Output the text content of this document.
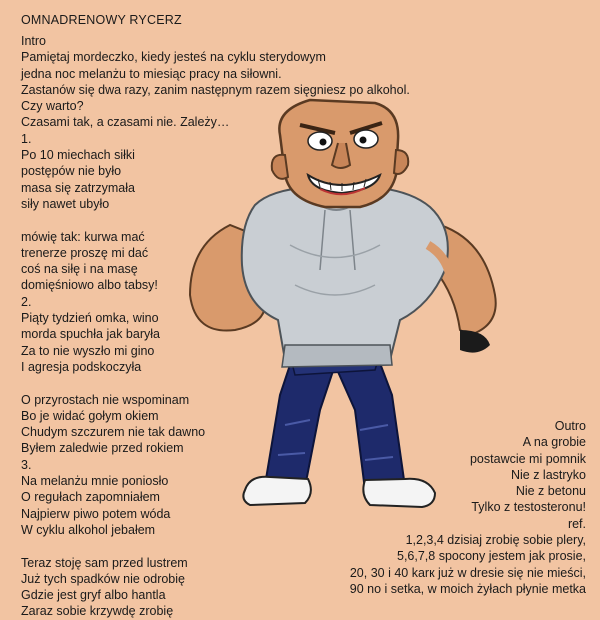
OMNADRENOWY RYCERZ
Intro
Pamiętaj mordeczko, kiedy jesteś na cyklu sterydowym
jedna noc melanżu to miesiąc pracy na siłowni.
Zastanów się dwa razy, zanim następnym razem sięgniesz po alkohol.
Czy warto?
Czasami tak, a czasami nie. Zależy…
1.
Po 10 miechach siłki
postępów nie było
masa się zatrzymała
siły nawet ubyło
mówię tak: kurwa mać
trenerze proszę mi dać
coś na siłę i na masę
domięśniowo albo tabsy!
2.
Piąty tydzień omka, wino
morda spuchła jak baryła
Za to nie wyszło mi gino
I agresja podskoczyła
O przyrostach nie wspominam
Bo je widać gołym okiem
Chudym szczurem nie tak dawno
Byłem zaledwie przed rokiem
3.
Na melanżu mnie poniosło
O regułach zapomniałem
Najpierw piwo potem wóda
W cyklu alkohol jebałem
Teraz stoję sam przed lustrem
Już tych spadków nie odrobię
Gdzie jest gryf albo hantla
Zaraz sobie krzywdę zrobię
Outro
A na grobie
postawcie mi pomnik
Nie z lastryko
Nie z betonu
Tylko z testosteronu!
ref.
1,2,3,4 dzisiaj zrobię sobie plery,
5,6,7,8 spocony jestem jak prosie,
20, 30 i 40 karк już w dresie się nie mieści,
90 no i setka, w moich żyłach płynie metka
